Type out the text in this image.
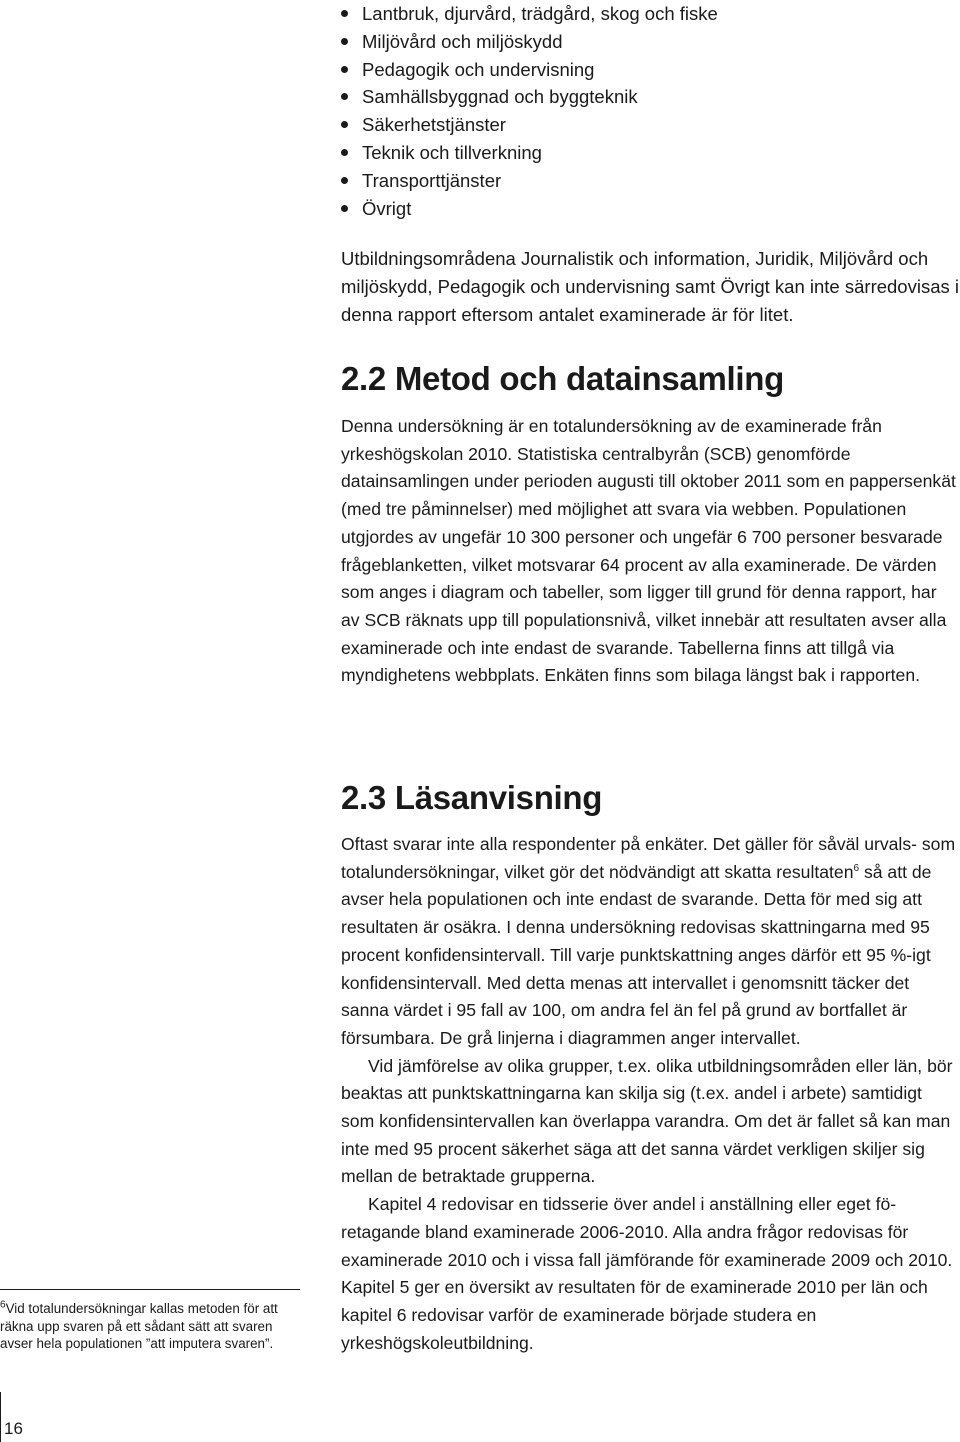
Lantbruk, djurvård, trädgård, skog och fiske
Miljövård och miljöskydd
Pedagogik och undervisning
Samhällsbyggnad och byggteknik
Säkerhetstjänster
Teknik och tillverkning
Transporttjänster
Övrigt

Utbildningsområdena Journalistik och information, Juridik, Miljövård och miljöskydd, Pedagogik och undervisning samt Övrigt kan inte särredovisas i denna rapport eftersom antalet examinerade är för litet.

2.2 Metod och datainsamling

Denna undersökning är en totalundersökning av de examinerade från yrkeshögskolan 2010. Statistiska centralbyrån (SCB) genomförde datainsamlingen under perioden augusti till oktober 2011 som en pappersenkät (med tre påminnelser) med möjlighet att svara via webben. Populationen utgjordes av ungefär 10 300 personer och ungefär 6 700 personer besvarade frågeblanketten, vilket motsvarar 64 procent av alla examinerade. De värden som anges i diagram och tabeller, som ligger till grund för denna rapport, har av SCB räknats upp till populationsnivå, vilket innebär att resultaten avser alla examinerade och inte endast de svarande. Tabellerna finns att tillgå via myndighetens webbplats. Enkäten finns som bilaga längst bak i rapporten.

2.3 Läsanvisning

Oftast svarar inte alla respondenter på enkäter. Det gäller för såväl urvals- som totalundersökningar, vilket gör det nödvändigt att skatta resultaten$^6$ så att de avser hela populationen och inte endast de svarande. Detta för med sig att resultaten är osäkra. I denna undersökning redovisas skattningarna med 95 procent konfidensintervall. Till varje punktskattning anges därför ett 95 %-igt konfidensintervall. Med detta menas att intervallet i genomsnitt täcker det sanna värdet i 95 fall av 100, om andra fel än fel på grund av bortfallet är försumbara. De grå linjerna i diagrammen anger intervallet.

Vid jämförelse av olika grupper, t.ex. olika utbildningsområden eller län, bör beaktas att punktskattningarna kan skilja sig (t.ex. andel i arbete) samtidigt som konfidensintervallen kan överlappa varandra. Om det är fallet så kan man inte med 95 procent säkerhet säga att det sanna värdet verkligen skiljer sig mellan de betraktade grupperna.

Kapitel 4 redovisar en tidsserie över andel i anställning eller eget företagande bland examinerade 2006-2010. Alla andra frågor redovisas för examinerade 2010 och i vissa fall jämförande för examinerade 2009 och 2010. Kapitel 5 ger en översikt av resultaten för de examinerade 2010 per län och kapitel 6 redovisar varför de examinerade började studera en yrkeshögskoleutbildning.

$^6$Vid totalundersökningar kallas metoden för att räkna upp svaren på ett sådant sätt att svaren avser hela populationen ”att imputera svaren”.
16
